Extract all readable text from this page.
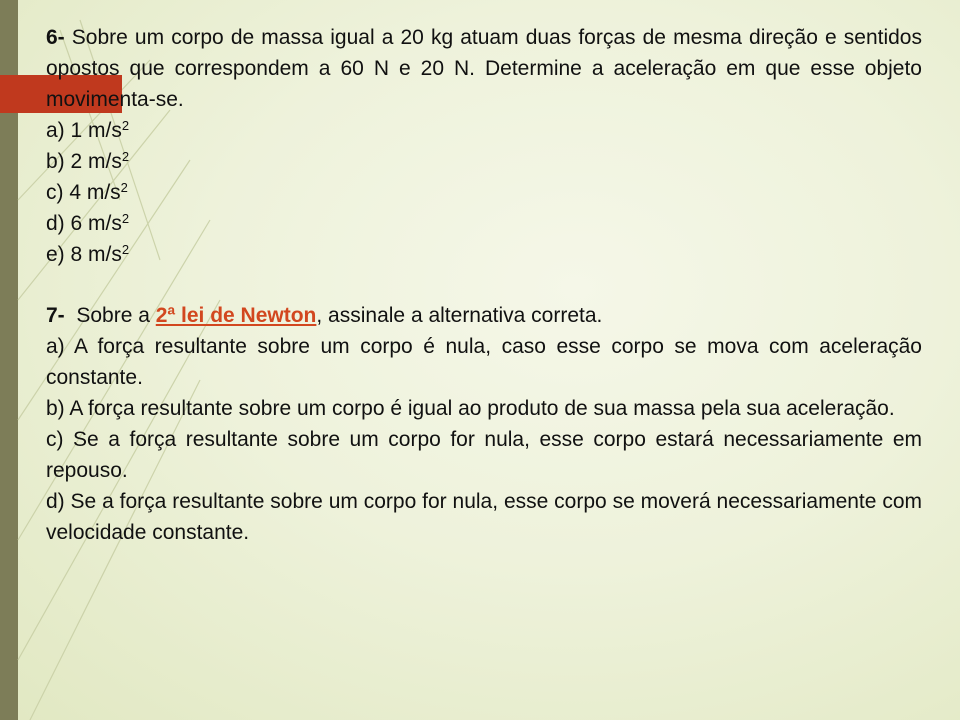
6- Sobre um corpo de massa igual a 20 kg atuam duas forças de mesma direção e sentidos opostos que correspondem a 60 N e 20 N. Determine a aceleração em que esse objeto movimenta-se.

a) 1 $m/s^2$

b) 2 $m/s^2$

c) 4 $m/s^2$

d) 6 $m/s^2$

e) 8 $m/s^2$

7-  Sobre a 2ª lei de Newton, assinale a alternativa correta.

a) A força resultante sobre um corpo é nula, caso esse corpo se mova com aceleração constante.

b) A força resultante sobre um corpo é igual ao produto de sua massa pela sua aceleração.

c) Se a força resultante sobre um corpo for nula, esse corpo estará necessariamente em repouso.

d) Se a força resultante sobre um corpo for nula, esse corpo se moverá necessariamente com velocidade constante.
